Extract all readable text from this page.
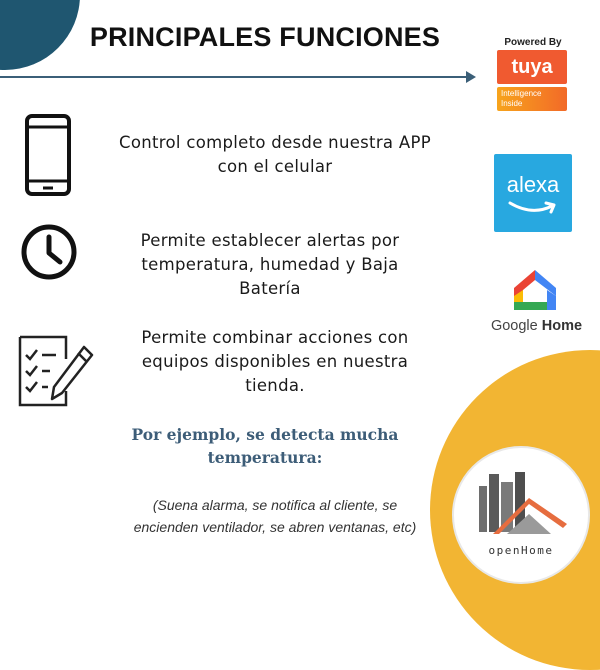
PRINCIPALES FUNCIONES
Control completo desde nuestra APP
con el celular
Permite establecer alertas por
temperatura, humedad y Baja
Batería
Permite combinar acciones con
equipos disponibles en nuestra
tienda.
Por ejemplo, se detecta mucha
temperatura:
(Suena alarma, se notifica al cliente, se
encienden ventilador, se abren ventanas, etc)
Powered By
tuya
Intelligence
Inside
alexa
Google Home
openHome
